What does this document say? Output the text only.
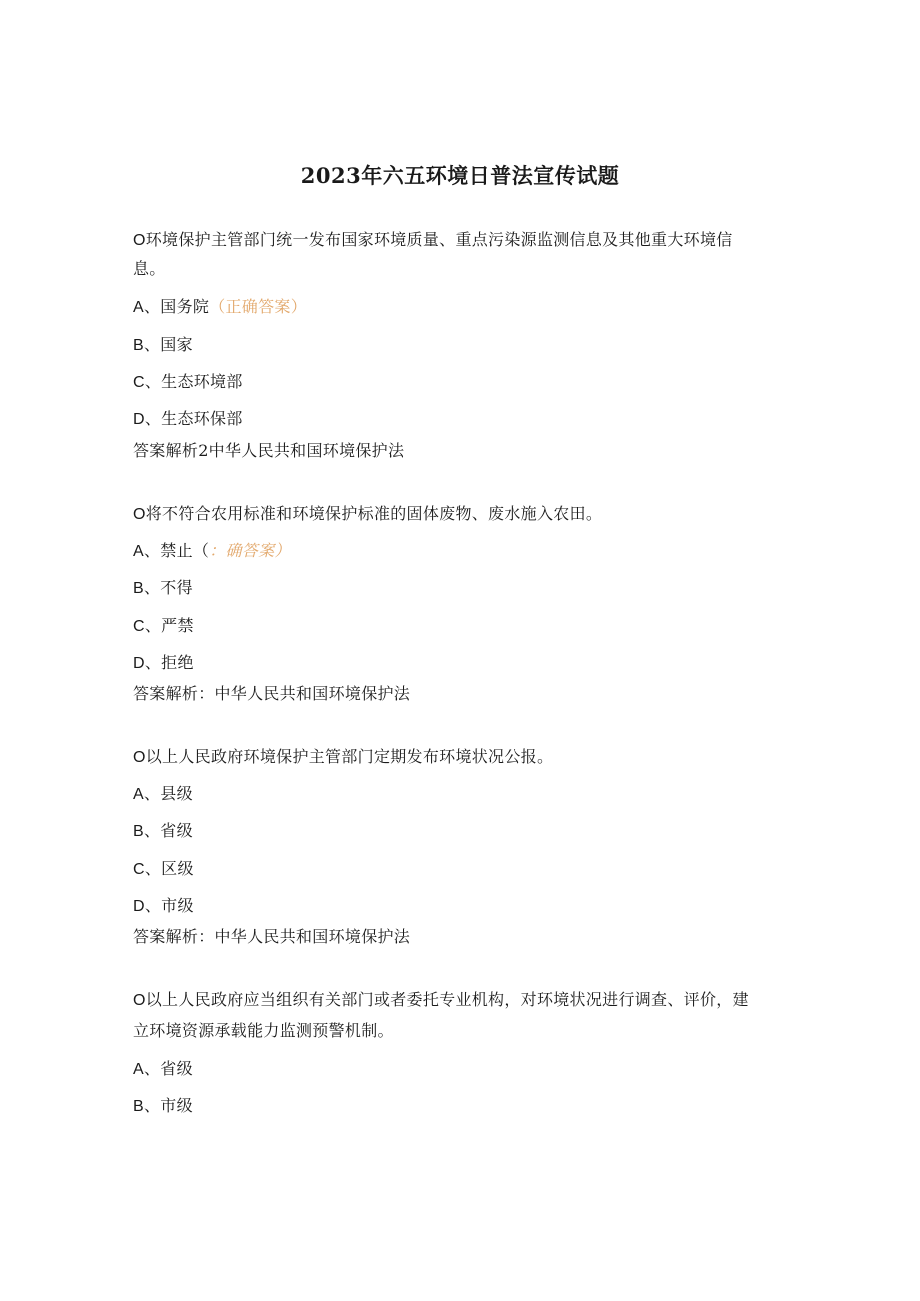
2023年六五环境日普法宣传试题
O环境保护主管部门统一发布国家环境质量、重点污染源监测信息及其他重大环境信
息。
A、国务院（正确答案）
B、国家
C、生态环境部
D、生态环保部
答案解析2中华人民共和国环境保护法
O将不符合农用标准和环境保护标准的固体废物、废水施入农田。
A、禁止（：确答案）
B、不得
C、严禁
D、拒绝
答案解析：中华人民共和国环境保护法
O以上人民政府环境保护主管部门定期发布环境状况公报。
A、县级
B、省级
C、区级
D、市级
答案解析：中华人民共和国环境保护法
O以上人民政府应当组织有关部门或者委托专业机构，对环境状况进行调查、评价，建
立环境资源承载能力监测预警机制。
A、省级
B、市级
